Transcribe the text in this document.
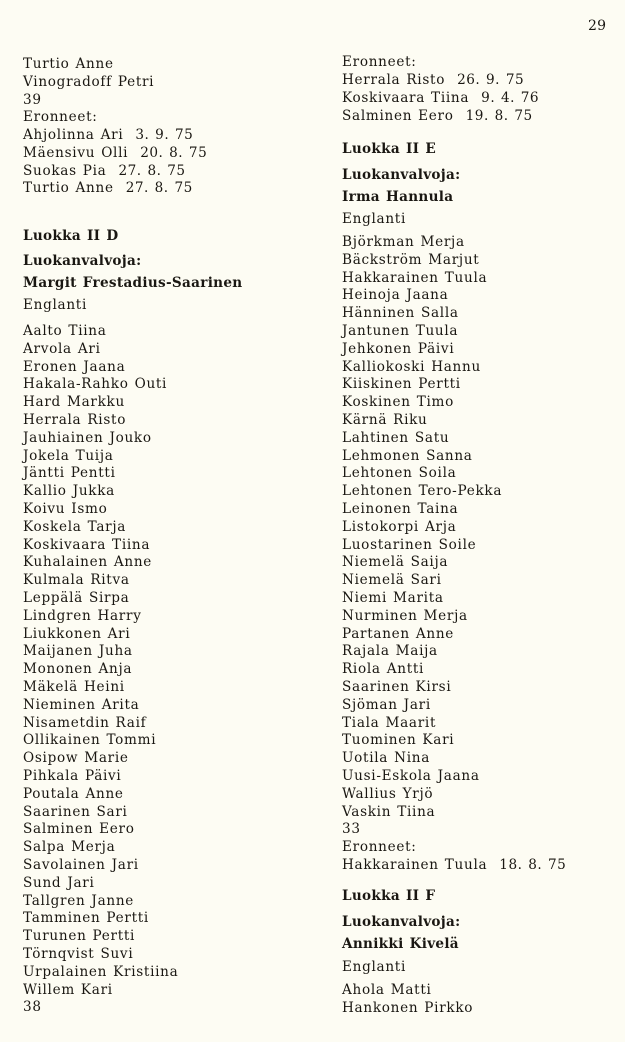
29
Turtio Anne
Vinogradoff Petri
39
Eronneet:
Ahjolinna Ari 3. 9. 75
Mäensivu Olli 20. 8. 75
Suokas Pia 27. 8. 75
Turtio Anne 27. 8. 75
Luokka II D
Luokanvalvoja:
Margit Frestadius-Saarinen
Englanti
Aalto Tiina
Arvola Ari
Eronen Jaana
Hakala-Rahko Outi
Hard Markku
Herrala Risto
Jauhiainen Jouko
Jokela Tuija
Jäntti Pentti
Kallio Jukka
Koivu Ismo
Koskela Tarja
Koskivaara Tiina
Kuhalainen Anne
Kulmala Ritva
Leppälä Sirpa
Lindgren Harry
Liukkonen Ari
Maijanen Juha
Mononen Anja
Mäkelä Heini
Nieminen Arita
Nisametdin Raif
Ollikainen Tommi
Osipow Marie
Pihkala Päivi
Poutala Anne
Saarinen Sari
Salminen Eero
Salpa Merja
Savolainen Jari
Sund Jari
Tallgren Janne
Tamminen Pertti
Turunen Pertti
Törnqvist Suvi
Urpalainen Kristiina
Willem Kari
38
Eronneet:
Herrala Risto 26. 9. 75
Koskivaara Tiina 9. 4. 76
Salminen Eero 19. 8. 75
Luokka II E
Luokanvalvoja:
Irma Hannula
Englanti
Björkman Merja
Bäckström Marjut
Hakkarainen Tuula
Heinoja Jaana
Hänninen Salla
Jantunen Tuula
Jehkonen Päivi
Kalliokoski Hannu
Kiiskinen Pertti
Koskinen Timo
Kärnä Riku
Lahtinen Satu
Lehmonen Sanna
Lehtonen Soila
Lehtonen Tero-Pekka
Leinonen Taina
Listokorpi Arja
Luostarinen Soile
Niemelä Saija
Niemelä Sari
Niemi Marita
Nurminen Merja
Partanen Anne
Rajala Maija
Riola Antti
Saarinen Kirsi
Sjöman Jari
Tiala Maarit
Tuominen Kari
Uotila Nina
Uusi-Eskola Jaana
Wallius Yrjö
Vaskin Tiina
33
Eronneet:
Hakkarainen Tuula 18. 8. 75
Luokka II F
Luokanvalvoja:
Annikki Kivelä
Englanti
Ahola Matti
Hankonen Pirkko
